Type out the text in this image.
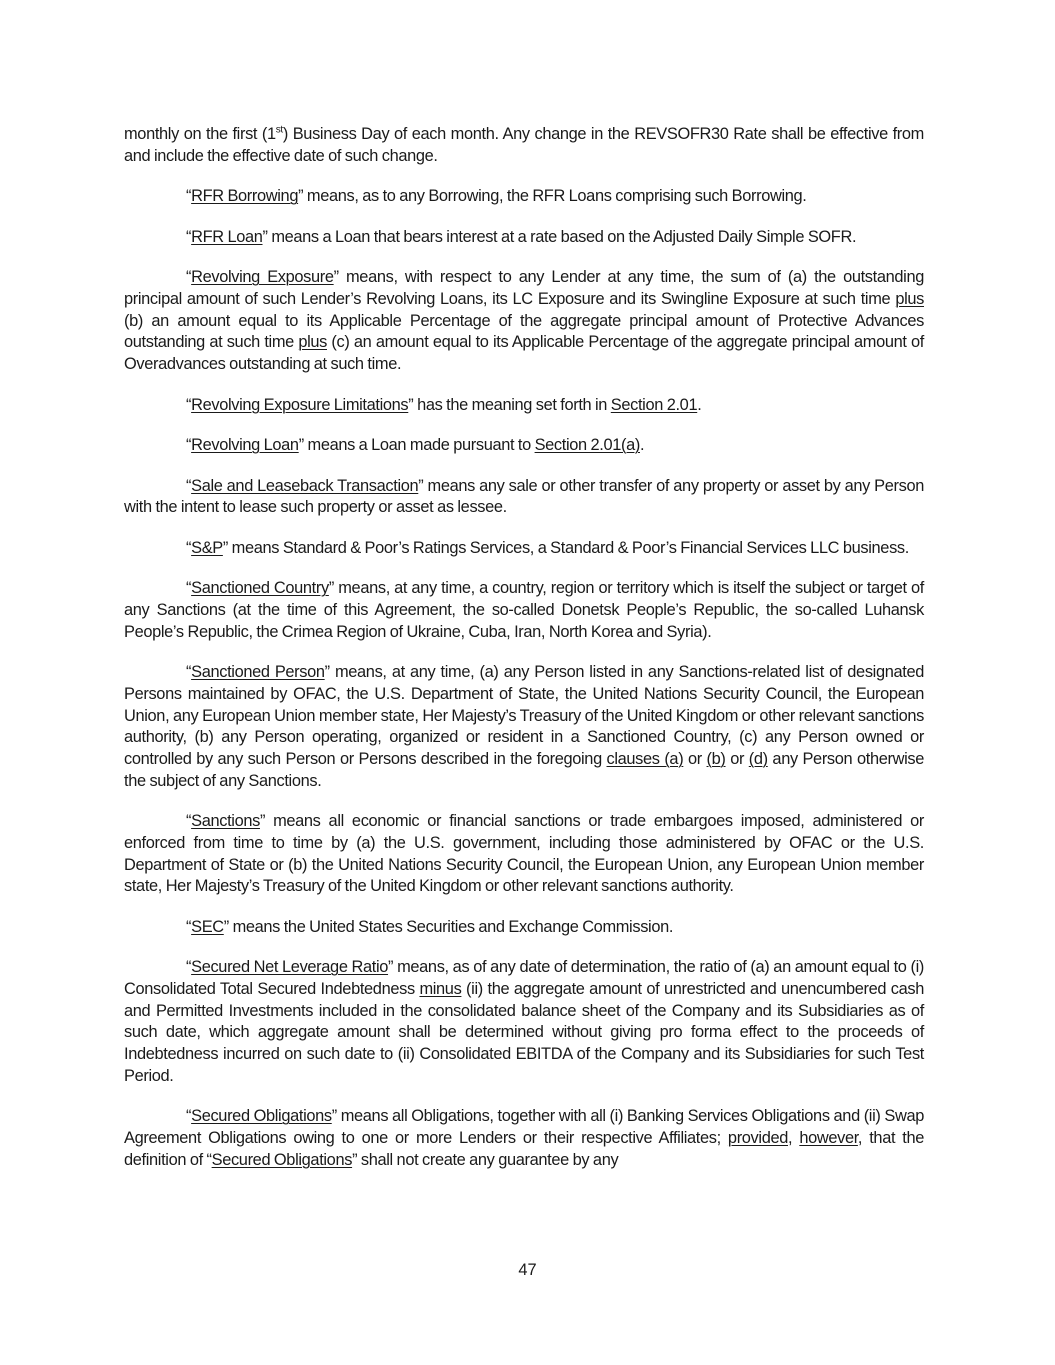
monthly on the first (1st) Business Day of each month. Any change in the REVSOFR30 Rate shall be effective from and include the effective date of such change.

“RFR Borrowing” means, as to any Borrowing, the RFR Loans comprising such Borrowing.

“RFR Loan” means a Loan that bears interest at a rate based on the Adjusted Daily Simple SOFR.

“Revolving Exposure” means, with respect to any Lender at any time, the sum of (a) the outstanding principal amount of such Lender’s Revolving Loans, its LC Exposure and its Swingline Exposure at such time plus (b) an amount equal to its Applicable Percentage of the aggregate principal amount of Protective Advances outstanding at such time plus (c) an amount equal to its Applicable Percentage of the aggregate principal amount of Overadvances outstanding at such time.

“Revolving Exposure Limitations” has the meaning set forth in Section 2.01.

“Revolving Loan” means a Loan made pursuant to Section 2.01(a).

“Sale and Leaseback Transaction” means any sale or other transfer of any property or asset by any Person with the intent to lease such property or asset as lessee.

“S&P” means Standard & Poor’s Ratings Services, a Standard & Poor’s Financial Services LLC business.

“Sanctioned Country” means, at any time, a country, region or territory which is itself the subject or target of any Sanctions (at the time of this Agreement, the so-called Donetsk People’s Republic, the so-called Luhansk People’s Republic, the Crimea Region of Ukraine, Cuba, Iran, North Korea and Syria).

“Sanctioned Person” means, at any time, (a) any Person listed in any Sanctions-related list of designated Persons maintained by OFAC, the U.S. Department of State, the United Nations Security Council, the European Union, any European Union member state, Her Majesty’s Treasury of the United Kingdom or other relevant sanctions authority, (b) any Person operating, organized or resident in a Sanctioned Country, (c) any Person owned or controlled by any such Person or Persons described in the foregoing clauses (a) or (b) or (d) any Person otherwise the subject of any Sanctions.

“Sanctions” means all economic or financial sanctions or trade embargoes imposed, administered or enforced from time to time by (a) the U.S. government, including those administered by OFAC or the U.S. Department of State or (b) the United Nations Security Council, the European Union, any European Union member state, Her Majesty’s Treasury of the United Kingdom or other relevant sanctions authority.

“SEC” means the United States Securities and Exchange Commission.

“Secured Net Leverage Ratio” means, as of any date of determination, the ratio of (a) an amount equal to (i) Consolidated Total Secured Indebtedness minus (ii) the aggregate amount of unrestricted and unencumbered cash and Permitted Investments included in the consolidated balance sheet of the Company and its Subsidiaries as of such date, which aggregate amount shall be determined without giving pro forma effect to the proceeds of Indebtedness incurred on such date to (ii) Consolidated EBITDA of the Company and its Subsidiaries for such Test Period.

“Secured Obligations” means all Obligations, together with all (i) Banking Services Obligations and (ii) Swap Agreement Obligations owing to one or more Lenders or their respective Affiliates; provided, however, that the definition of “Secured Obligations” shall not create any guarantee by any

47
